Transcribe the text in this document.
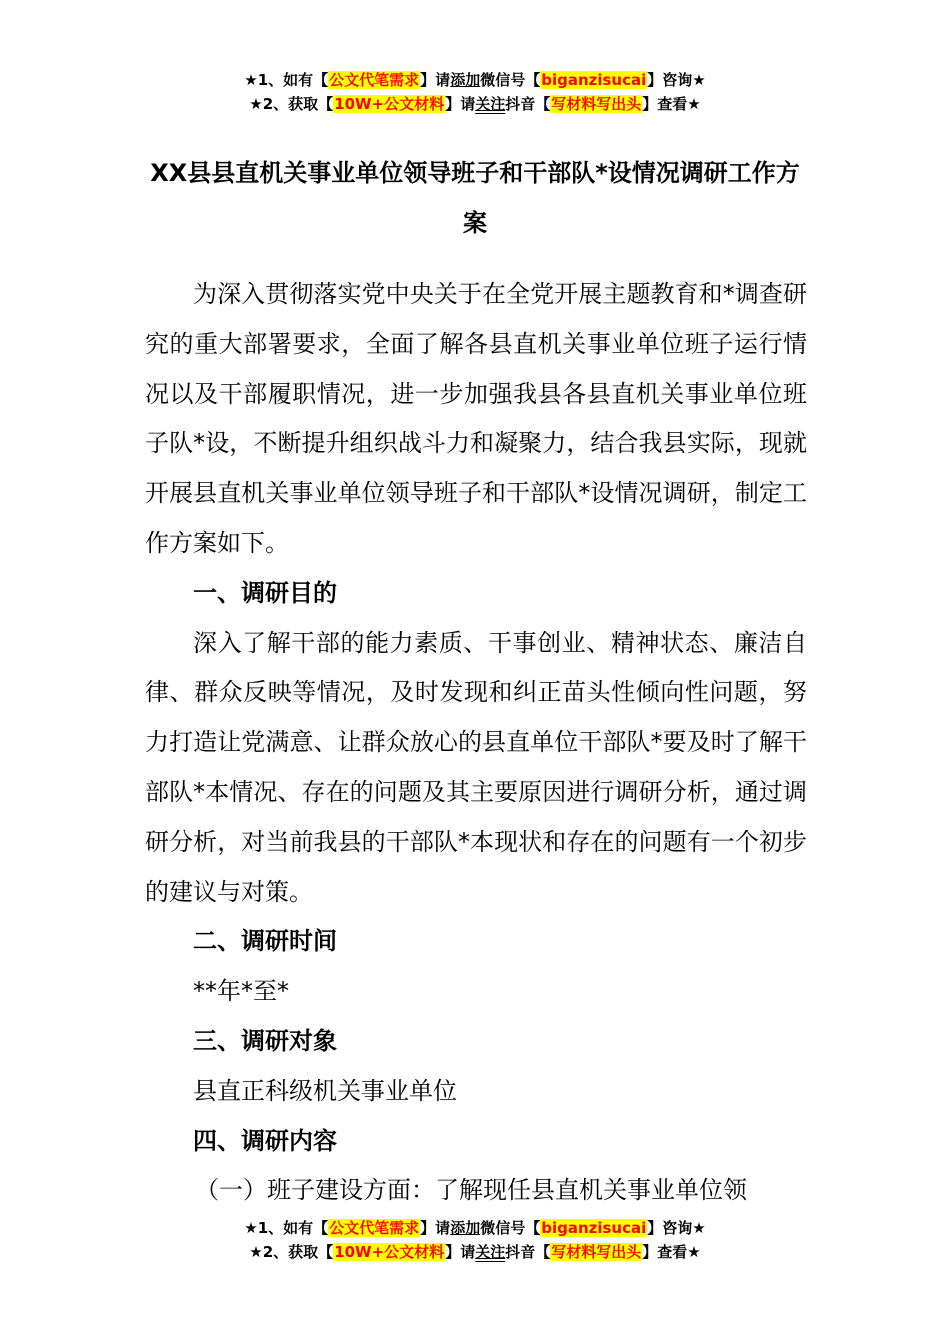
★1、如有【公文代笔需求】请添加微信号【biganzisucai】咨询★
★2、获取【10W+公文材料】请关注抖音【写材料写出头】查看★
XX县县直机关事业单位领导班子和干部队*设情况调研工作方案

为深入贯彻落实党中央关于在全党开展主题教育和*调查研究的重大部署要求，全面了解各县直机关事业单位班子运行情况以及干部履职情况，进一步加强我县各县直机关事业单位班子队*设，不断提升组织战斗力和凝聚力，结合我县实际，现就开展县直机关事业单位领导班子和干部队*设情况调研，制定工作方案如下。

一、调研目的

深入了解干部的能力素质、干事创业、精神状态、廉洁自律、群众反映等情况，及时发现和纠正苗头性倾向性问题，努力打造让党满意、让群众放心的县直单位干部队*要及时了解干部队*本情况、存在的问题及其主要原因进行调研分析，通过调研分析，对当前我县的干部队*本现状和存在的问题有一个初步的建议与对策。

二、调研时间

**年*至*

三、调研对象

县直正科级机关事业单位

四、调研内容

（一）班子建设方面：了解现任县直机关事业单位领

★1、如有【公文代笔需求】请添加微信号【biganzisucai】咨询★
★2、获取【10W+公文材料】请关注抖音【写材料写出头】查看★
